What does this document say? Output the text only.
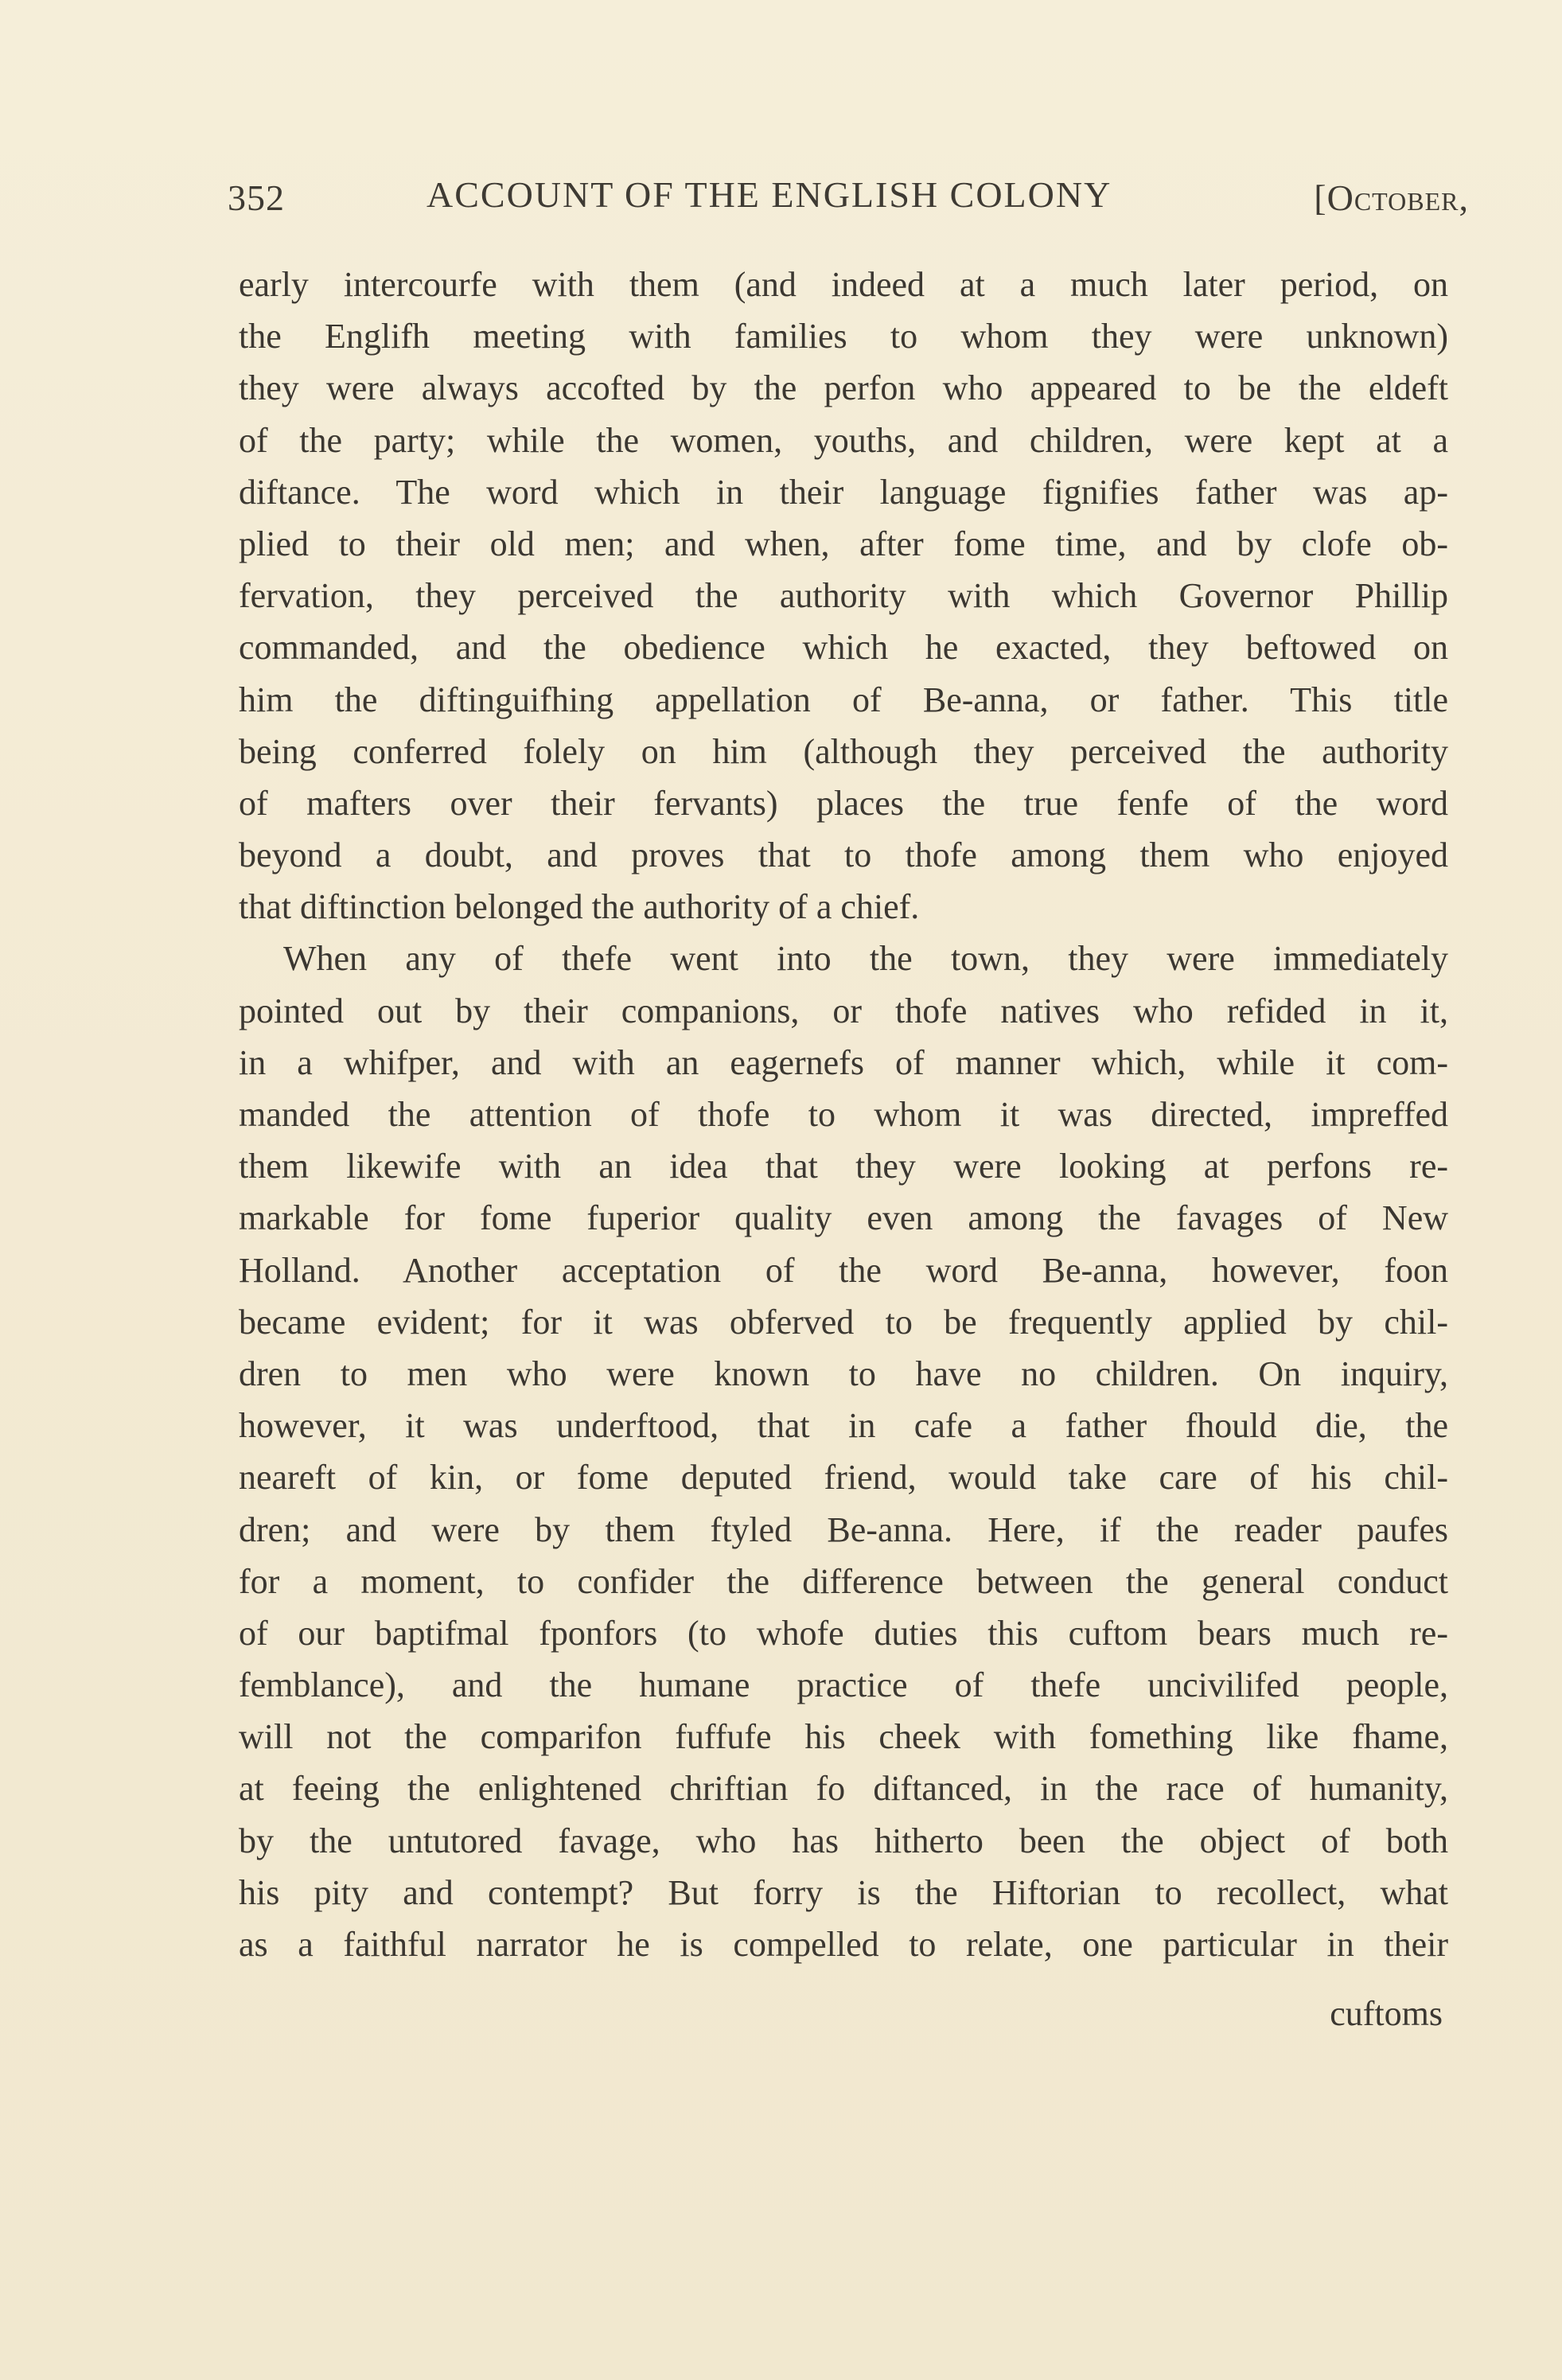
352	ACCOUNT OF THE ENGLISH COLONY	[October,
early intercourfe with them (and indeed at a much later period, on
the Englifh meeting with families to whom they were unknown)
they were always accofted by the perfon who appeared to be the eldeft
of the party; while the women, youths, and children, were kept at a
diftance. The word which in their language fignifies father was ap-
plied to their old men; and when, after fome time, and by clofe ob-
fervation, they perceived the authority with which Governor Phillip
commanded, and the obedience which he exacted, they beftowed on
him the diftinguifhing appellation of Be-anna, or father. This title
being conferred folely on him (although they perceived the authority
of mafters over their fervants) places the true fenfe of the word
beyond a doubt, and proves that to thofe among them who enjoyed
that diftinction belonged the authority of a chief.
When any of thefe went into the town, they were immediately
pointed out by their companions, or thofe natives who refided in it,
in a whifper, and with an eagernefs of manner which, while it com-
manded the attention of thofe to whom it was directed, impreffed
them likewife with an idea that they were looking at perfons re-
markable for fome fuperior quality even among the favages of New
Holland. Another acceptation of the word Be-anna, however, foon
became evident; for it was obferved to be frequently applied by chil-
dren to men who were known to have no children. On inquiry,
however, it was underftood, that in cafe a father fhould die, the
neareft of kin, or fome deputed friend, would take care of his chil-
dren; and were by them ftyled Be-anna. Here, if the reader paufes
for a moment, to confider the difference between the general conduct
of our baptifmal fponfors (to whofe duties this cuftom bears much re-
femblance), and the humane practice of thefe uncivilifed people,
will not the comparifon fuffufe his cheek with fomething like fhame,
at feeing the enlightened chriftian fo diftanced, in the race of humanity,
by the untutored favage, who has hitherto been the object of both
his pity and contempt? But forry is the Hiftorian to recollect, what
as a faithful narrator he is compelled to relate, one particular in their
cuftoms
